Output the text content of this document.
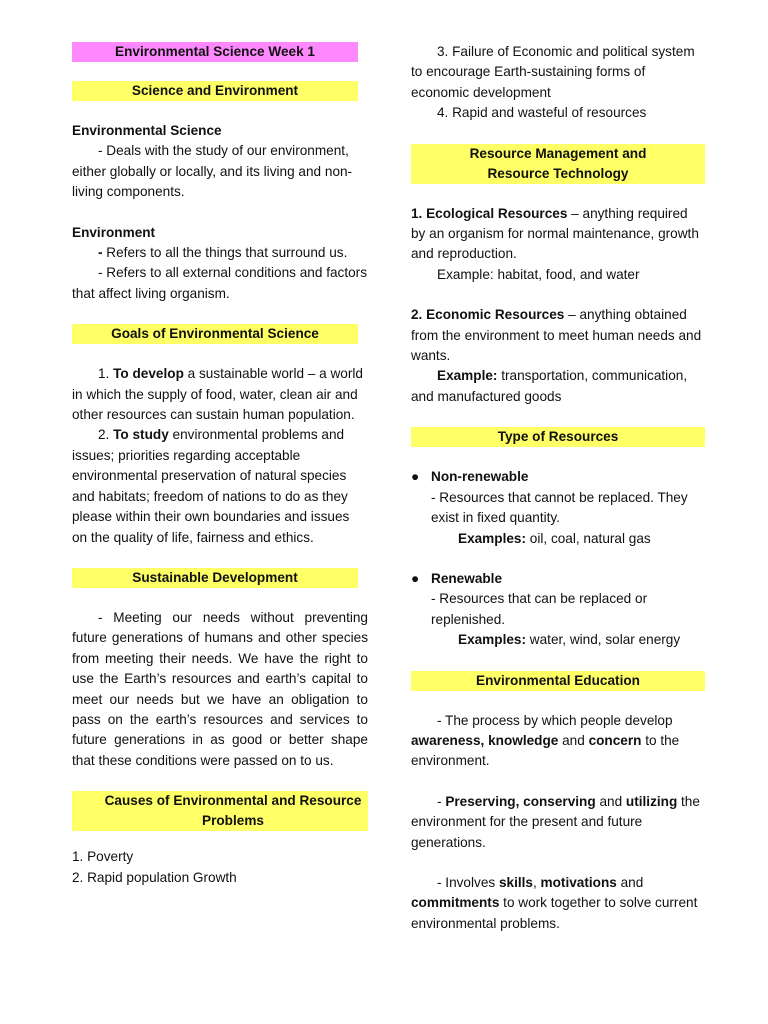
Environmental Science Week 1
Science and Environment

Environmental Science

- Deals with the study of our environment, either globally or locally, and its living and non-living components.

Environment

- Refers to all the things that surround us.

- Refers to all external conditions and factors that affect living organism.

Goals of Environmental Science

1. To develop a sustainable world – a world in which the supply of food, water, clean air and other resources can sustain human population.

2. To study environmental problems and issues; priorities regarding acceptable environmental preservation of natural species and habitats; freedom of nations to do as they please within their own boundaries and issues on the quality of life, fairness and ethics.

Sustainable Development

- Meeting our needs without preventing future generations of humans and other species from meeting their needs. We have the right to use the Earth’s resources and earth’s capital to meet our needs but we have an obligation to pass on the earth’s resources and services to future generations in as good or better shape that these conditions were passed on to us.

Causes of Environmental and Resource Problems

1. Poverty

2. Rapid population Growth

3. Failure of Economic and political system to encourage Earth-sustaining forms of economic development

4. Rapid and wasteful of resources

Resource Management and Resource Technology

1. Ecological Resources – anything required by an organism for normal maintenance, growth and reproduction.

Example: habitat, food, and water

2. Economic Resources – anything obtained from the environment to meet human needs and wants.

Example: transportation, communication, and manufactured goods

Type of Resources
● Non-renewable

- Resources that cannot be replaced. They exist in fixed quantity.

Examples: oil, coal, natural gas

● Renewable

- Resources that can be replaced or replenished.

Examples: water, wind, solar energy

Environmental Education

- The process by which people develop awareness, knowledge and concern to the environment.

- Preserving, conserving and utilizing the environment for the present and future generations.

- Involves skills, motivations and commitments to work together to solve current environmental problems.
